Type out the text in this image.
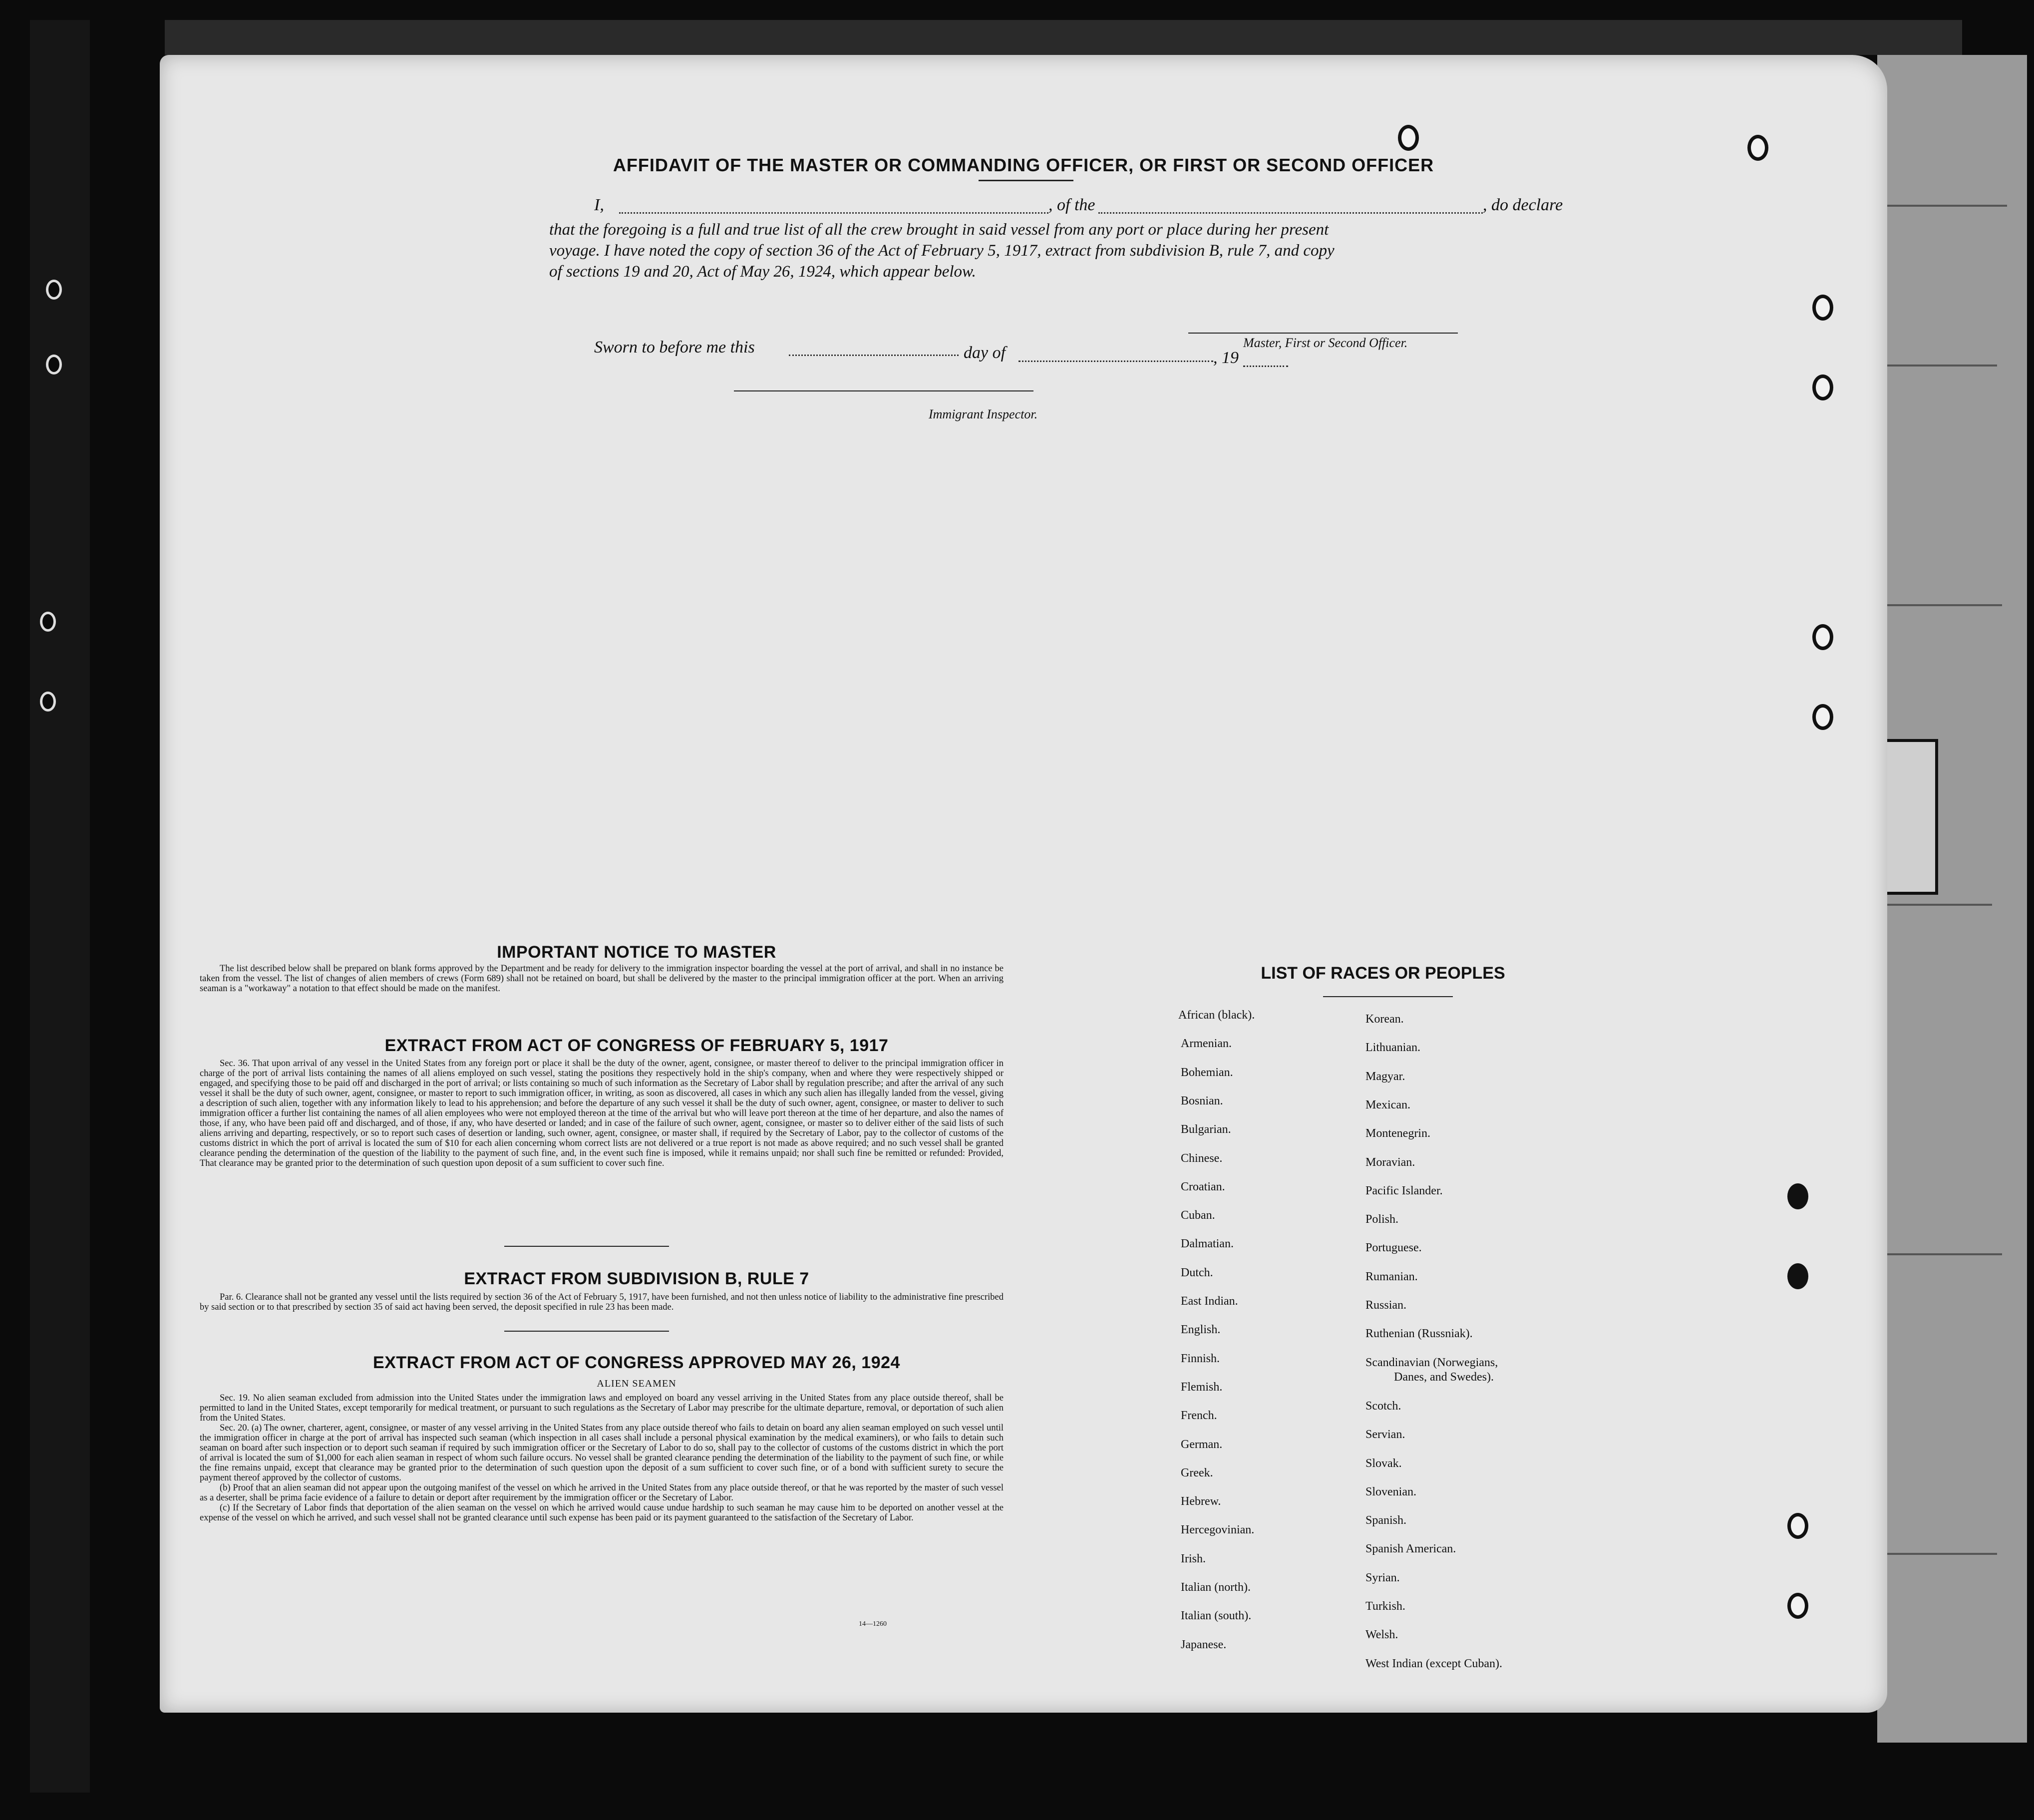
AFFIDAVIT OF THE MASTER OR COMMANDING OFFICER, OR FIRST OR SECOND OFFICER
I,	, of the	, do declare
that the foregoing is a full and true list of all the crew brought in said vessel from any port or place during her present
voyage. I have noted the copy of section 36 of the Act of February 5, 1917, extract from subdivision B, rule 7, and copy
of sections 19 and 20, Act of May 26, 1924, which appear below.
Master, First or Second Officer.
Sworn to before me this	day of	, 19
Immigrant Inspector.
IMPORTANT NOTICE TO MASTER

The list described below shall be prepared on blank forms approved by the Department and be ready for delivery to the immigration inspector boarding the vessel at the port of arrival, and shall in no instance be taken from the vessel. The list of changes of alien members of crews (Form 689) shall not be retained on board, but shall be delivered by the master to the principal immigration officer at the port. When an arriving seaman is a "workaway" a notation to that effect should be made on the manifest.

EXTRACT FROM ACT OF CONGRESS OF FEBRUARY 5, 1917

Sec. 36. That upon arrival of any vessel in the United States from any foreign port or place it shall be the duty of the owner, agent, consignee, or master thereof to deliver to the principal immigration officer in charge of the port of arrival lists containing the names of all aliens employed on such vessel, stating the positions they respectively hold in the ship's company, when and where they were respectively shipped or engaged, and specifying those to be paid off and discharged in the port of arrival; or lists containing so much of such information as the Secretary of Labor shall by regulation prescribe; and after the arrival of any such vessel it shall be the duty of such owner, agent, consignee, or master to report to such immigration officer, in writing, as soon as discovered, all cases in which any such alien has illegally landed from the vessel, giving a description of such alien, together with any information likely to lead to his apprehension; and before the departure of any such vessel it shall be the duty of such owner, agent, consignee, or master to deliver to such immigration officer a further list containing the names of all alien employees who were not employed thereon at the time of the arrival but who will leave port thereon at the time of her departure, and also the names of those, if any, who have been paid off and discharged, and of those, if any, who have deserted or landed; and in case of the failure of such owner, agent, consignee, or master so to deliver either of the said lists of such aliens arriving and departing, respectively, or so to report such cases of desertion or landing, such owner, agent, consignee, or master shall, if required by the Secretary of Labor, pay to the collector of customs of the customs district in which the port of arrival is located the sum of $10 for each alien concerning whom correct lists are not delivered or a true report is not made as above required; and no such vessel shall be granted clearance pending the determination of the question of the liability to the payment of such fine, and, in the event such fine is imposed, while it remains unpaid; nor shall such fine be remitted or refunded: Provided, That clearance may be granted prior to the determination of such question upon deposit of a sum sufficient to cover such fine.

EXTRACT FROM SUBDIVISION B, RULE 7

Par. 6. Clearance shall not be granted any vessel until the lists required by section 36 of the Act of February 5, 1917, have been furnished, and not then unless notice of liability to the administrative fine prescribed by said section or to that prescribed by section 35 of said act having been served, the deposit specified in rule 23 has been made.

EXTRACT FROM ACT OF CONGRESS APPROVED MAY 26, 1924
ALIEN SEAMEN

Sec. 19. No alien seaman excluded from admission into the United States under the immigration laws and employed on board any vessel arriving in the United States from any place outside thereof, shall be permitted to land in the United States, except temporarily for medical treatment, or pursuant to such regulations as the Secretary of Labor may prescribe for the ultimate departure, removal, or deportation of such alien from the United States.

Sec. 20. (a) The owner, charterer, agent, consignee, or master of any vessel arriving in the United States from any place outside thereof who fails to detain on board any alien seaman employed on such vessel until the immigration officer in charge at the port of arrival has inspected such seaman (which inspection in all cases shall include a personal physical examination by the medical examiners), or who fails to detain such seaman on board after such inspection or to deport such seaman if required by such immigration officer or the Secretary of Labor to do so, shall pay to the collector of customs of the customs district in which the port of arrival is located the sum of $1,000 for each alien seaman in respect of whom such failure occurs. No vessel shall be granted clearance pending the determination of the liability to the payment of such fine, or while the fine remains unpaid, except that clearance may be granted prior to the determination of such question upon the deposit of a sum sufficient to cover such fine, or of a bond with sufficient surety to secure the payment thereof approved by the collector of customs.

(b) Proof that an alien seaman did not appear upon the outgoing manifest of the vessel on which he arrived in the United States from any place outside thereof, or that he was reported by the master of such vessel as a deserter, shall be prima facie evidence of a failure to detain or deport after requirement by the immigration officer or the Secretary of Labor.

(c) If the Secretary of Labor finds that deportation of the alien seaman on the vessel on which he arrived would cause undue hardship to such seaman he may cause him to be deported on another vessel at the expense of the vessel on which he arrived, and such vessel shall not be granted clearance until such expense has been paid or its payment guaranteed to the satisfaction of the Secretary of Labor.

14—1260
LIST OF RACES OR PEOPLES
African (black).
Armenian.
Bohemian.
Bosnian.
Bulgarian.
Chinese.
Croatian.
Cuban.
Dalmatian.
Dutch.
East Indian.
English.
Finnish.
Flemish.
French.
German.
Greek.
Hebrew.
Hercegovinian.
Irish.
Italian (north).
Italian (south).
Japanese.
Korean.
Lithuanian.
Magyar.
Mexican.
Montenegrin.
Moravian.
Pacific Islander.
Polish.
Portuguese.
Rumanian.
Russian.
Ruthenian (Russniak).
Scandinavian (Norwegians,
Danes, and Swedes).
Scotch.
Servian.
Slovak.
Slovenian.
Spanish.
Spanish American.
Syrian.
Turkish.
Welsh.
West Indian (except Cuban).
